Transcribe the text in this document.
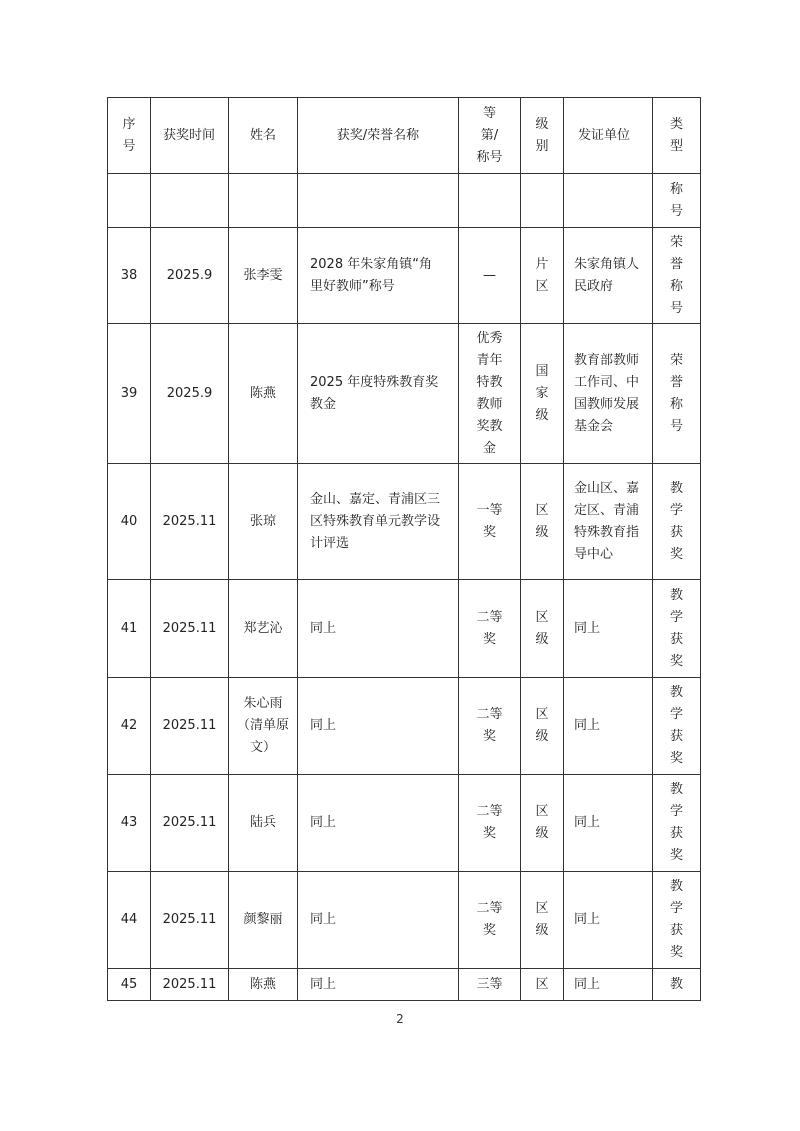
序号	获奖时间	姓名	获奖/荣誉名称	等第/称号	级别	发证单位	类型

							称号

38	2025.9	张李雯	2028 年朱家角镇“角里好教师”称号	—	片区	朱家角镇人民政府	荣誉称号

39	2025.9	陈燕	2025 年度特殊教育奖教金	优秀青年特教教师奖教金	国家级	教育部教师工作司、中国教师发展基金会	荣誉称号

40	2025.11	张琼	金山、嘉定、青浦区三区特殊教育单元教学设计评选	一等奖	区级	金山区、嘉定区、青浦特殊教育指导中心	教学获奖

41	2025.11	郑艺沁	同上	二等奖	区级	同上	教学获奖

42	2025.11	朱心雨（清单原文）	同上	二等奖	区级	同上	教学获奖

43	2025.11	陆兵	同上	二等奖	区级	同上	教学获奖

44	2025.11	颜黎丽	同上	二等奖	区级	同上	教学获奖

45	2025.11	陈燕	同上	三等	区	同上	教
2
